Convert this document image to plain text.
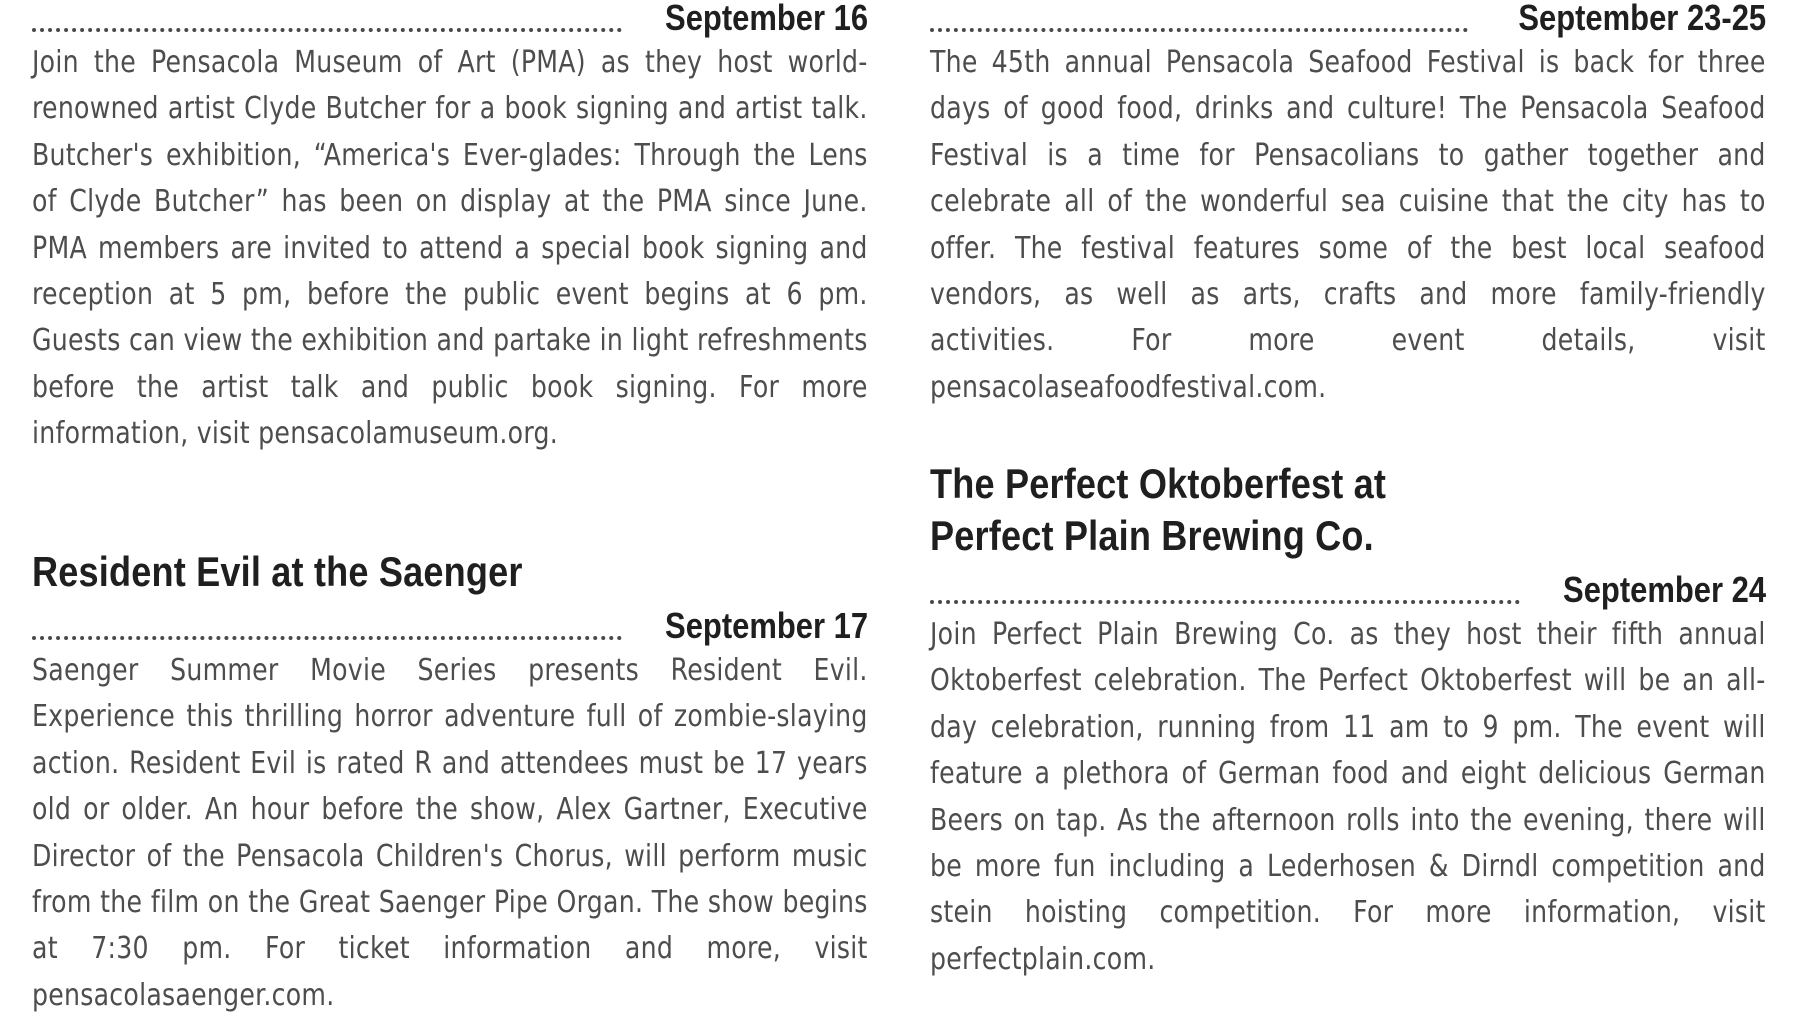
September 16

Join the Pensacola Museum of Art (PMA) as they host world-renowned artist Clyde Butcher for a book signing and artist talk. Butcher's exhibition, “America's Ever-glades: Through the Lens of Clyde Butcher” has been on display at the PMA since June. PMA members are invited to attend a special book signing and reception at 5 pm, before the public event begins at 6 pm. Guests can view the exhibition and partake in light refreshments before the artist talk and public book signing. For more information, visit pensacolamuseum.org.

Resident Evil at the Saenger
September 17

Saenger Summer Movie Series presents Resident Evil. Experience this thrilling horror adventure full of zombie-slaying action. Resident Evil is rated R and attendees must be 17 years old or older. An hour before the show, Alex Gartner, Executive Director of the Pensacola Children's Chorus, will perform music from the film on the Great Saenger Pipe Organ. The show begins at 7:30 pm. For ticket information and more, visit pensacolasaenger.com.

September 23-25

The 45th annual Pensacola Seafood Festival is back for three days of good food, drinks and culture! The Pensacola Seafood Festival is a time for Pensacolians to gather together and celebrate all of the wonderful sea cuisine that the city has to offer. The festival features some of the best local seafood vendors, as well as arts, crafts and more family-friendly activities. For more event details, visit pensacolaseafoodfestival.com.

The Perfect Oktoberfest at
Perfect Plain Brewing Co.
September 24

Join Perfect Plain Brewing Co. as they host their fifth annual Oktoberfest celebration. The Perfect Oktoberfest will be an all-day celebration, running from 11 am to 9 pm. The event will feature a plethora of German food and eight delicious German Beers on tap. As the afternoon rolls into the evening, there will be more fun including a Lederhosen & Dirndl competition and stein hoisting competition. For more information, visit perfectplain.com.
